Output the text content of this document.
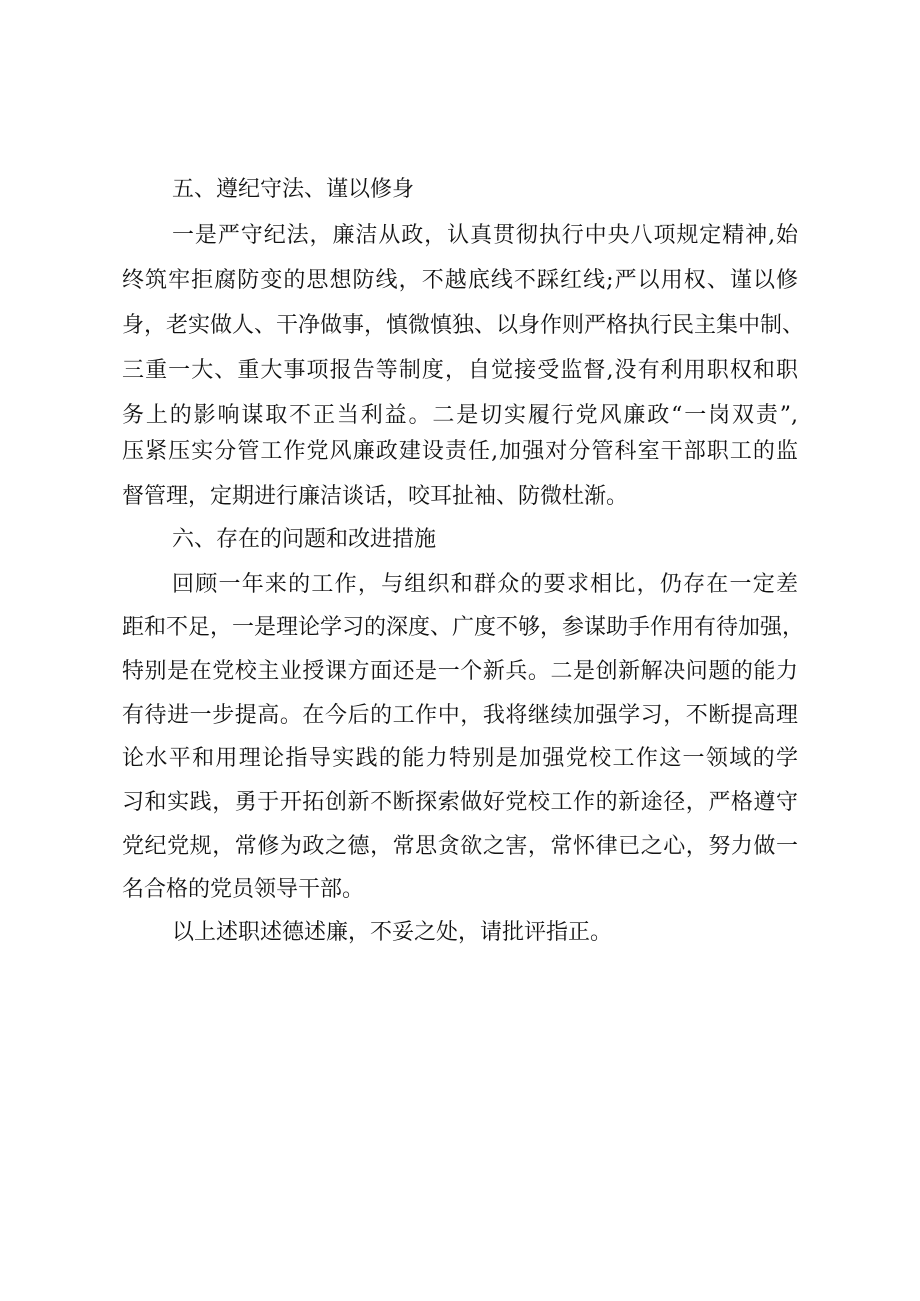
五、遵纪守法、谨以修身
一是严守纪法，廉洁从政，认真贯彻执行中央八项规定精神,始
终筑牢拒腐防变的思想防线，不越底线不踩红线;严以用权、谨以修
身，老实做人、干净做事，慎微慎独、以身作则严格执行民主集中制、
三重一大、重大事项报告等制度，自觉接受监督,没有利用职权和职
务上的影响谋取不正当利益。二是切实履行党风廉政“一岗双责”,
压紧压实分管工作党风廉政建设责任,加强对分管科室干部职工的监
督管理，定期进行廉洁谈话，咬耳扯袖、防微杜渐。
六、存在的问题和改进措施
回顾一年来的工作，与组织和群众的要求相比，仍存在一定差
距和不足，一是理论学习的深度、广度不够，参谋助手作用有待加强，
特别是在党校主业授课方面还是一个新兵。二是创新解决问题的能力
有待进一步提高。在今后的工作中，我将继续加强学习，不断提高理
论水平和用理论指导实践的能力特别是加强党校工作这一领域的学
习和实践，勇于开拓创新不断探索做好党校工作的新途径，严格遵守
党纪党规，常修为政之德，常思贪欲之害，常怀律已之心，努力做一
名合格的党员领导干部。
以上述职述德述廉，不妥之处，请批评指正。
